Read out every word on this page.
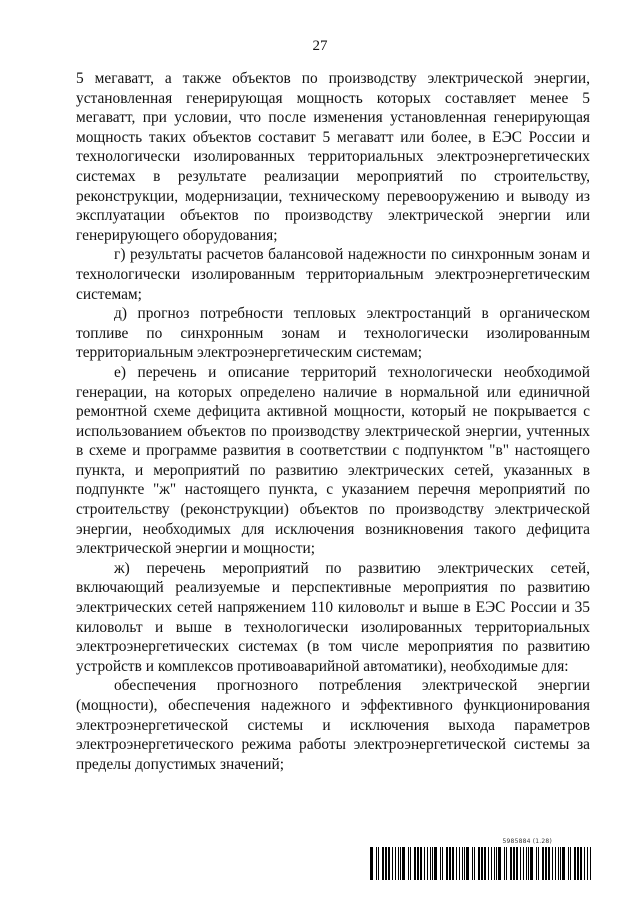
27

5 мегаватт, а также объектов по производству электрической энергии, установленная генерирующая мощность которых составляет менее 5 мегаватт, при условии, что после изменения установленная генерирующая мощность таких объектов составит 5 мегаватт или более, в ЕЭС России и технологически изолированных территориальных электроэнергетических системах в результате реализации мероприятий по строительству, реконструкции, модернизации, техническому перевооружению и выводу из эксплуатации объектов по производству электрической энергии или генерирующего оборудования;

г) результаты расчетов балансовой надежности по синхронным зонам и технологически изолированным территориальным электроэнергетическим системам;

д) прогноз потребности тепловых электростанций в органическом топливе по синхронным зонам и технологически изолированным территориальным электроэнергетическим системам;

е) перечень и описание территорий технологически необходимой генерации, на которых определено наличие в нормальной или единичной ремонтной схеме дефицита активной мощности, который не покрывается с использованием объектов по производству электрической энергии, учтенных в схеме и программе развития в соответствии с подпунктом "в" настоящего пункта, и мероприятий по развитию электрических сетей, указанных в подпункте "ж" настоящего пункта, с указанием перечня мероприятий по строительству (реконструкции) объектов по производству электрической энергии, необходимых для исключения возникновения такого дефицита электрической энергии и мощности;

ж) перечень мероприятий по развитию электрических сетей, включающий реализуемые и перспективные мероприятия по развитию электрических сетей напряжением 110 киловольт и выше в ЕЭС России и 35 киловольт и выше в технологически изолированных территориальных электроэнергетических системах (в том числе мероприятия по развитию устройств и комплексов противоаварийной автоматики), необходимые для:

обеспечения прогнозного потребления электрической энергии (мощности), обеспечения надежного и эффективного функционирования электроэнергетической системы и исключения выхода параметров электроэнергетического режима работы электроэнергетической системы за пределы допустимых значений;

5985884 (1.28)
